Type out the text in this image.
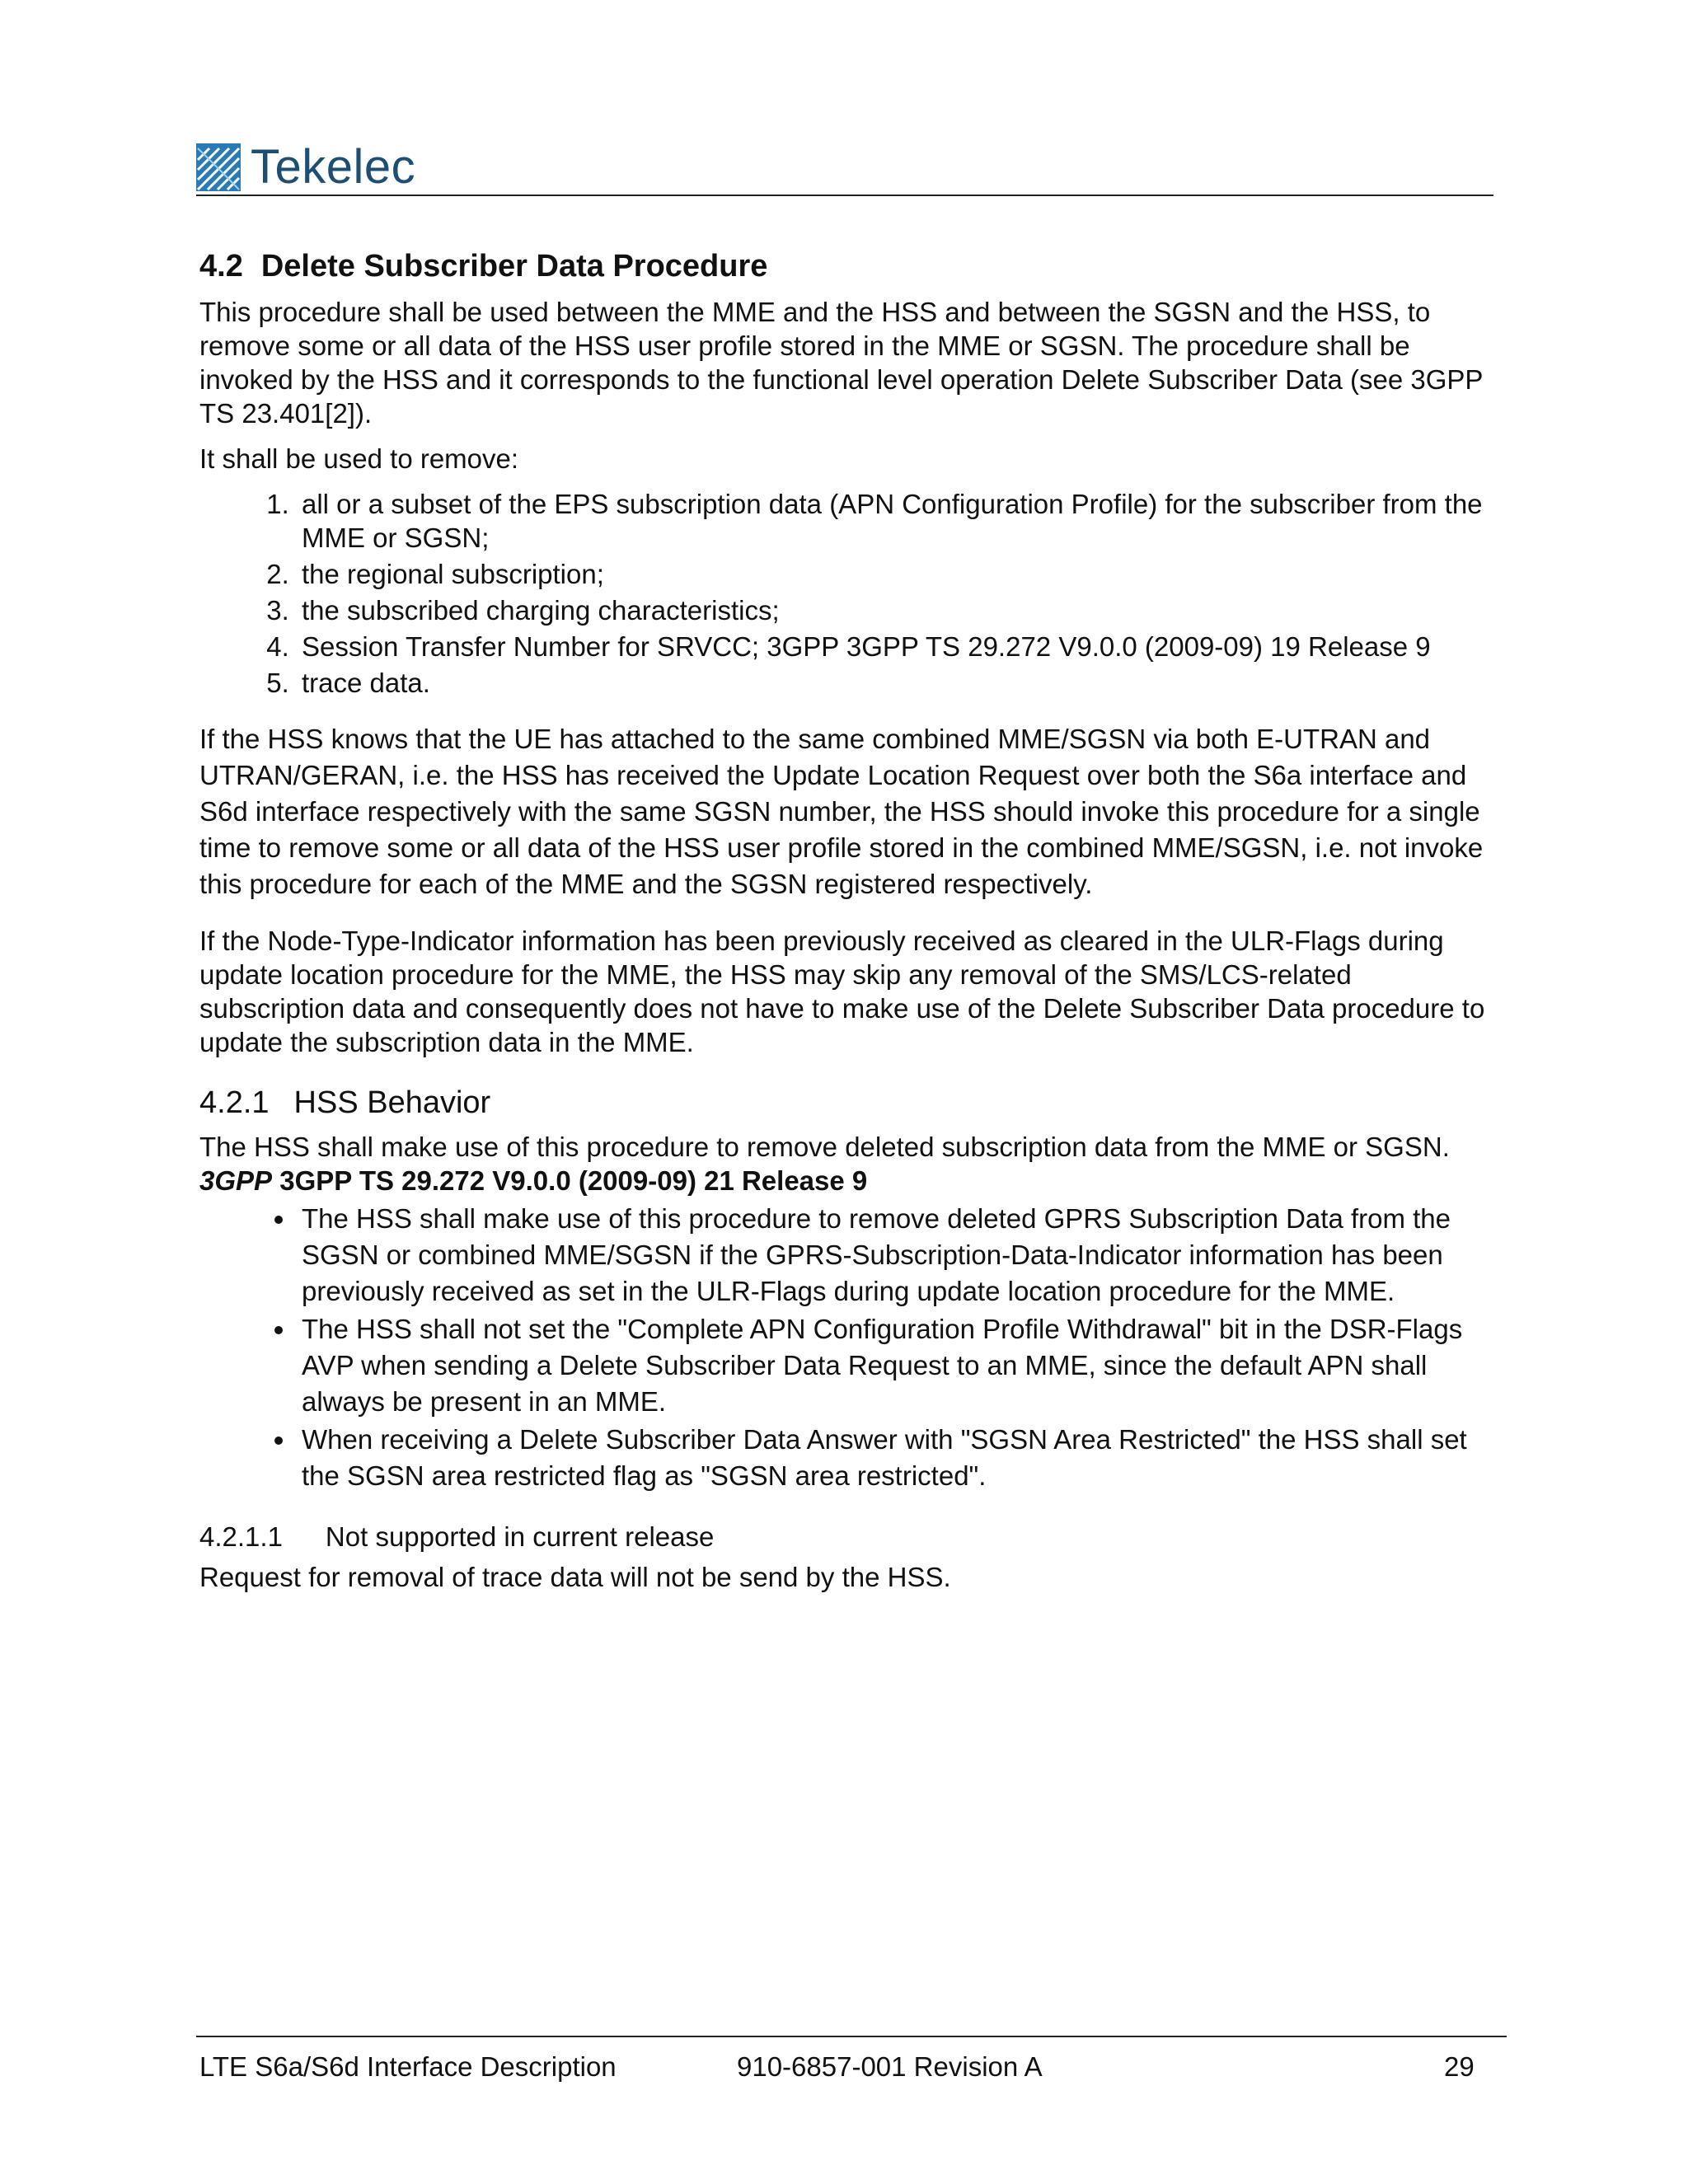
Tekelec
4.2 Delete Subscriber Data Procedure

This procedure shall be used between the MME and the HSS and between the SGSN and the HSS, to remove some or all data of the HSS user profile stored in the MME or SGSN. The procedure shall be invoked by the HSS and it corresponds to the functional level operation Delete Subscriber Data (see 3GPP TS 23.401[2]).

It shall be used to remove:

1. all or a subset of the EPS subscription data (APN Configuration Profile) for the subscriber from the MME or SGSN;
2. the regional subscription;
3. the subscribed charging characteristics;
4. Session Transfer Number for SRVCC; 3GPP 3GPP TS 29.272 V9.0.0 (2009-09) 19 Release 9
5. trace data.

If the HSS knows that the UE has attached to the same combined MME/SGSN via both E-UTRAN and UTRAN/GERAN, i.e. the HSS has received the Update Location Request over both the S6a interface and S6d interface respectively with the same SGSN number, the HSS should invoke this procedure for a single time to remove some or all data of the HSS user profile stored in the combined MME/SGSN, i.e. not invoke this procedure for each of the MME and the SGSN registered respectively.

If the Node-Type-Indicator information has been previously received as cleared in the ULR-Flags during update location procedure for the MME, the HSS may skip any removal of the SMS/LCS-related subscription data and consequently does not have to make use of the Delete Subscriber Data procedure to update the subscription data in the MME.

4.2.1 HSS Behavior

The HSS shall make use of this procedure to remove deleted subscription data from the MME or SGSN.

3GPP 3GPP TS 29.272 V9.0.0 (2009-09) 21 Release 9
• The HSS shall make use of this procedure to remove deleted GPRS Subscription Data from the SGSN or combined MME/SGSN if the GPRS-Subscription-Data-Indicator information has been previously received as set in the ULR-Flags during update location procedure for the MME.
• The HSS shall not set the "Complete APN Configuration Profile Withdrawal" bit in the DSR-Flags AVP when sending a Delete Subscriber Data Request to an MME, since the default APN shall always be present in an MME.
• When receiving a Delete Subscriber Data Answer with "SGSN Area Restricted" the HSS shall set the SGSN area restricted flag as "SGSN area restricted".
4.2.1.1 Not supported in current release

Request for removal of trace data will not be send by the HSS.

LTE S6a/S6d Interface Description	910-6857-001 Revision A	29
